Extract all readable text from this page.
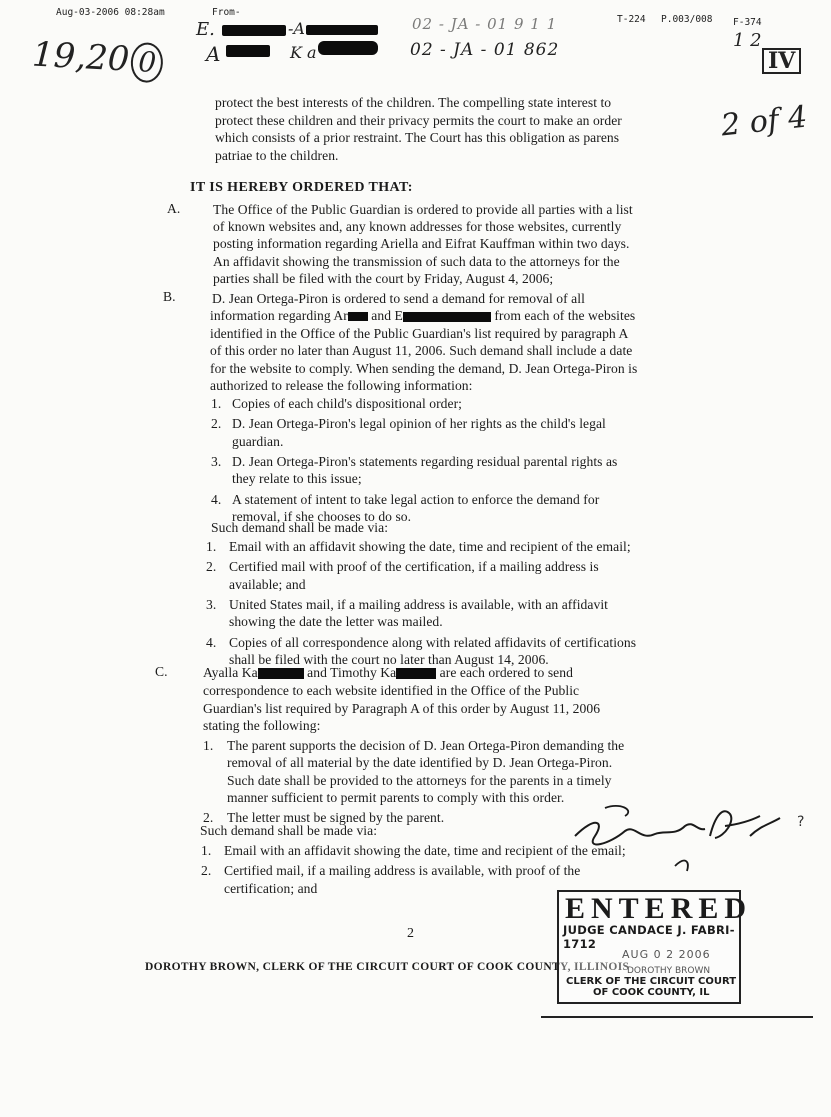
Aug-03-2006 08:28am	From-
T-224 P.003/008 F-374
19,20 0
E.	-A
A	K a
02 - JA - 01 9 1 1
02 - JA - 01 862	1 2
IV
2 of 4
protect the best interests of the children. The compelling state interest to
protect these children and their privacy permits the court to make an order
which consists of a prior restraint. The Court has this obligation as parens
patriae to the children.
IT IS HEREBY ORDERED THAT:
A. The Office of the Public Guardian is ordered to provide all parties with a list
of known websites and, any known addresses for those websites, currently
posting information regarding Ariella and Eifrat Kauffman within two days.
An affidavit showing the transmission of such data to the attorneys for the
parties shall be filed with the court by Friday, August 4, 2006;
B.	D. Jean Ortega-Piron is ordered to send a demand for removal of all
information regarding Ar and E	from each of the websites
identified in the Office of the Public Guardian's list required by paragraph A
of this order no later than August 11, 2006. Such demand shall include a date
for the website to comply. When sending the demand, D. Jean Ortega-Piron is
authorized to release the following information:
1. Copies of each child's dispositional order;
2. D. Jean Ortega-Piron's legal opinion of her rights as the child's legal
guardian.
3. D. Jean Ortega-Piron's statements regarding residual parental rights as
they relate to this issue;
4. A statement of intent to take legal action to enforce the demand for
removal, if she chooses to do so.
Such demand shall be made via:
1. Email with an affidavit showing the date, time and recipient of the email;
2. Certified mail with proof of the certification, if a mailing address is
available; and
3. United States mail, if a mailing address is available, with an affidavit
showing the date the letter was mailed.
4. Copies of all correspondence along with related affidavits of certifications
shall be filed with the court no later than August 14, 2006.
C.	Ayalla Ka	and Timothy Ka	are each ordered to send
correspondence to each website identified in the Office of the Public
Guardian's list required by Paragraph A of this order by August 11, 2006
stating the following:
1. The parent supports the decision of D. Jean Ortega-Piron demanding the
removal of all material by the date identified by D. Jean Ortega-Piron.
Such date shall be provided to the attorneys for the parents in a timely
manner sufficient to permit parents to comply with this order.
2. The letter must be signed by the parent.
Such demand shall be made via:
1. Email with an affidavit showing the date, time and recipient of the email;
2. Certified mail, if a mailing address is available, with proof of the
certification; and
2
DOROTHY BROWN, CLERK OF THE CIRCUIT COURT OF COOK COUNTY, ILLINOIS
ENTERED
JUDGE CANDACE J. FABRI-1712
AUG 0 2 2006
DOROTHY BROWN
CLERK OF THE CIRCUIT COURT
OF COOK COUNTY, IL
?
